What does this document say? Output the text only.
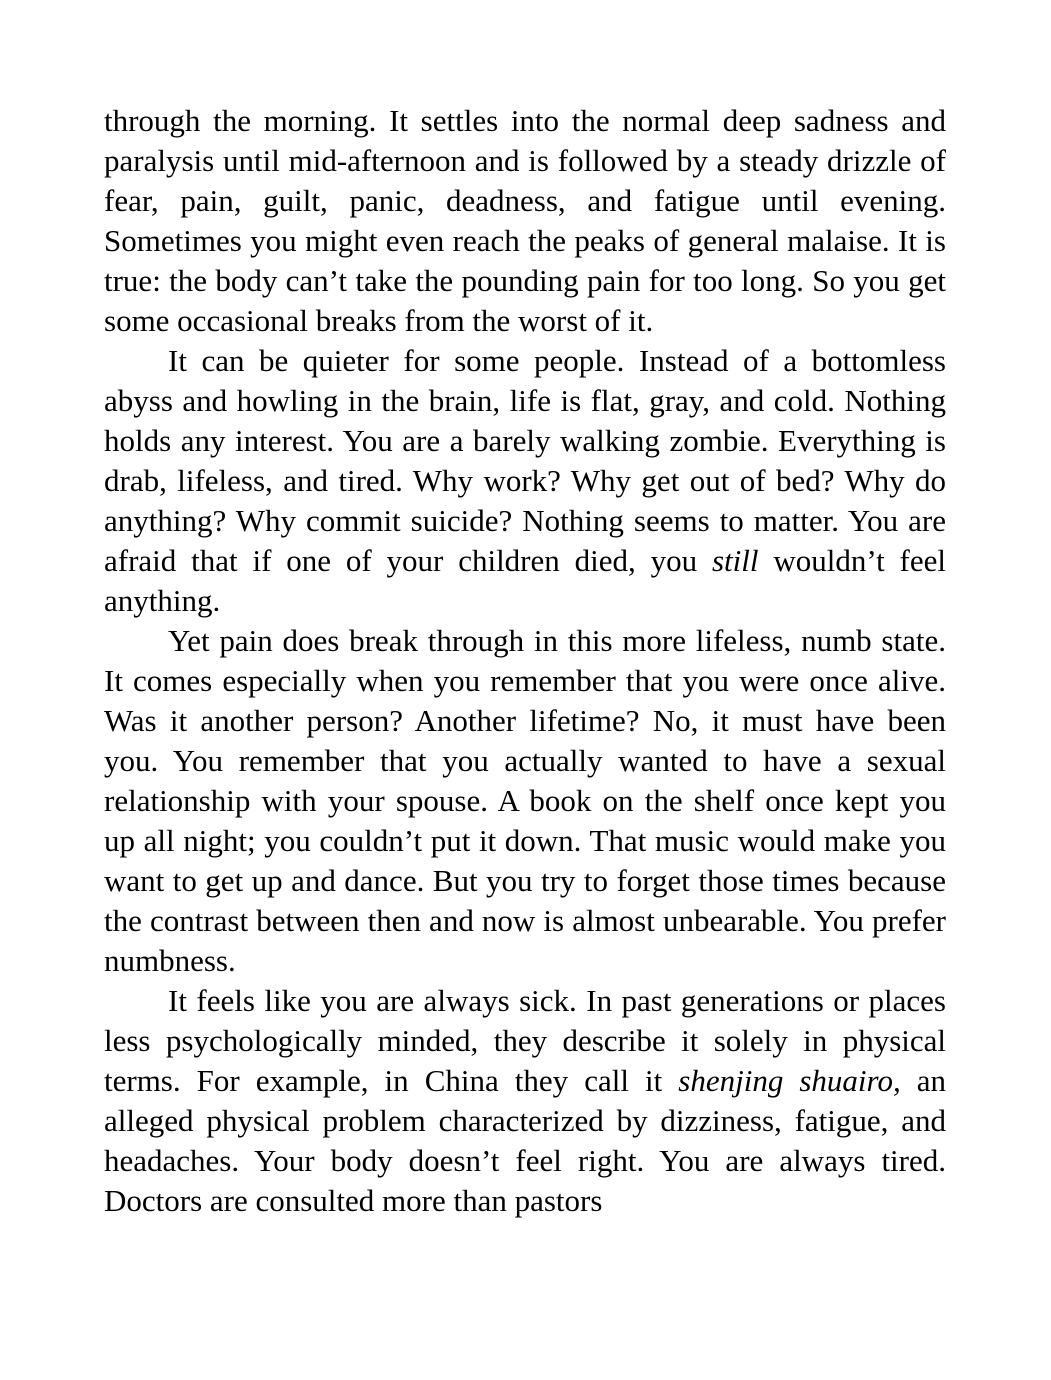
through the morning. It settles into the normal deep sadness and paralysis until mid-afternoon and is followed by a steady drizzle of fear, pain, guilt, panic, deadness, and fatigue until evening. Sometimes you might even reach the peaks of general malaise. It is true: the body can’t take the pounding pain for too long. So you get some occasional breaks from the worst of it.

It can be quieter for some people. Instead of a bottomless abyss and howling in the brain, life is flat, gray, and cold. Nothing holds any interest. You are a barely walking zombie. Everything is drab, lifeless, and tired. Why work? Why get out of bed? Why do anything? Why commit suicide? Nothing seems to matter. You are afraid that if one of your children died, you still wouldn’t feel anything.

Yet pain does break through in this more lifeless, numb state. It comes especially when you remember that you were once alive. Was it another person? Another lifetime? No, it must have been you. You remember that you actually wanted to have a sexual relationship with your spouse. A book on the shelf once kept you up all night; you couldn’t put it down. That music would make you want to get up and dance. But you try to forget those times because the contrast between then and now is almost unbearable. You prefer numbness.

It feels like you are always sick. In past generations or places less psychologically minded, they describe it solely in physical terms. For example, in China they call it shenjing shuairo, an alleged physical problem characterized by dizziness, fatigue, and headaches. Your body doesn’t feel right. You are always tired. Doctors are consulted more than pastors
